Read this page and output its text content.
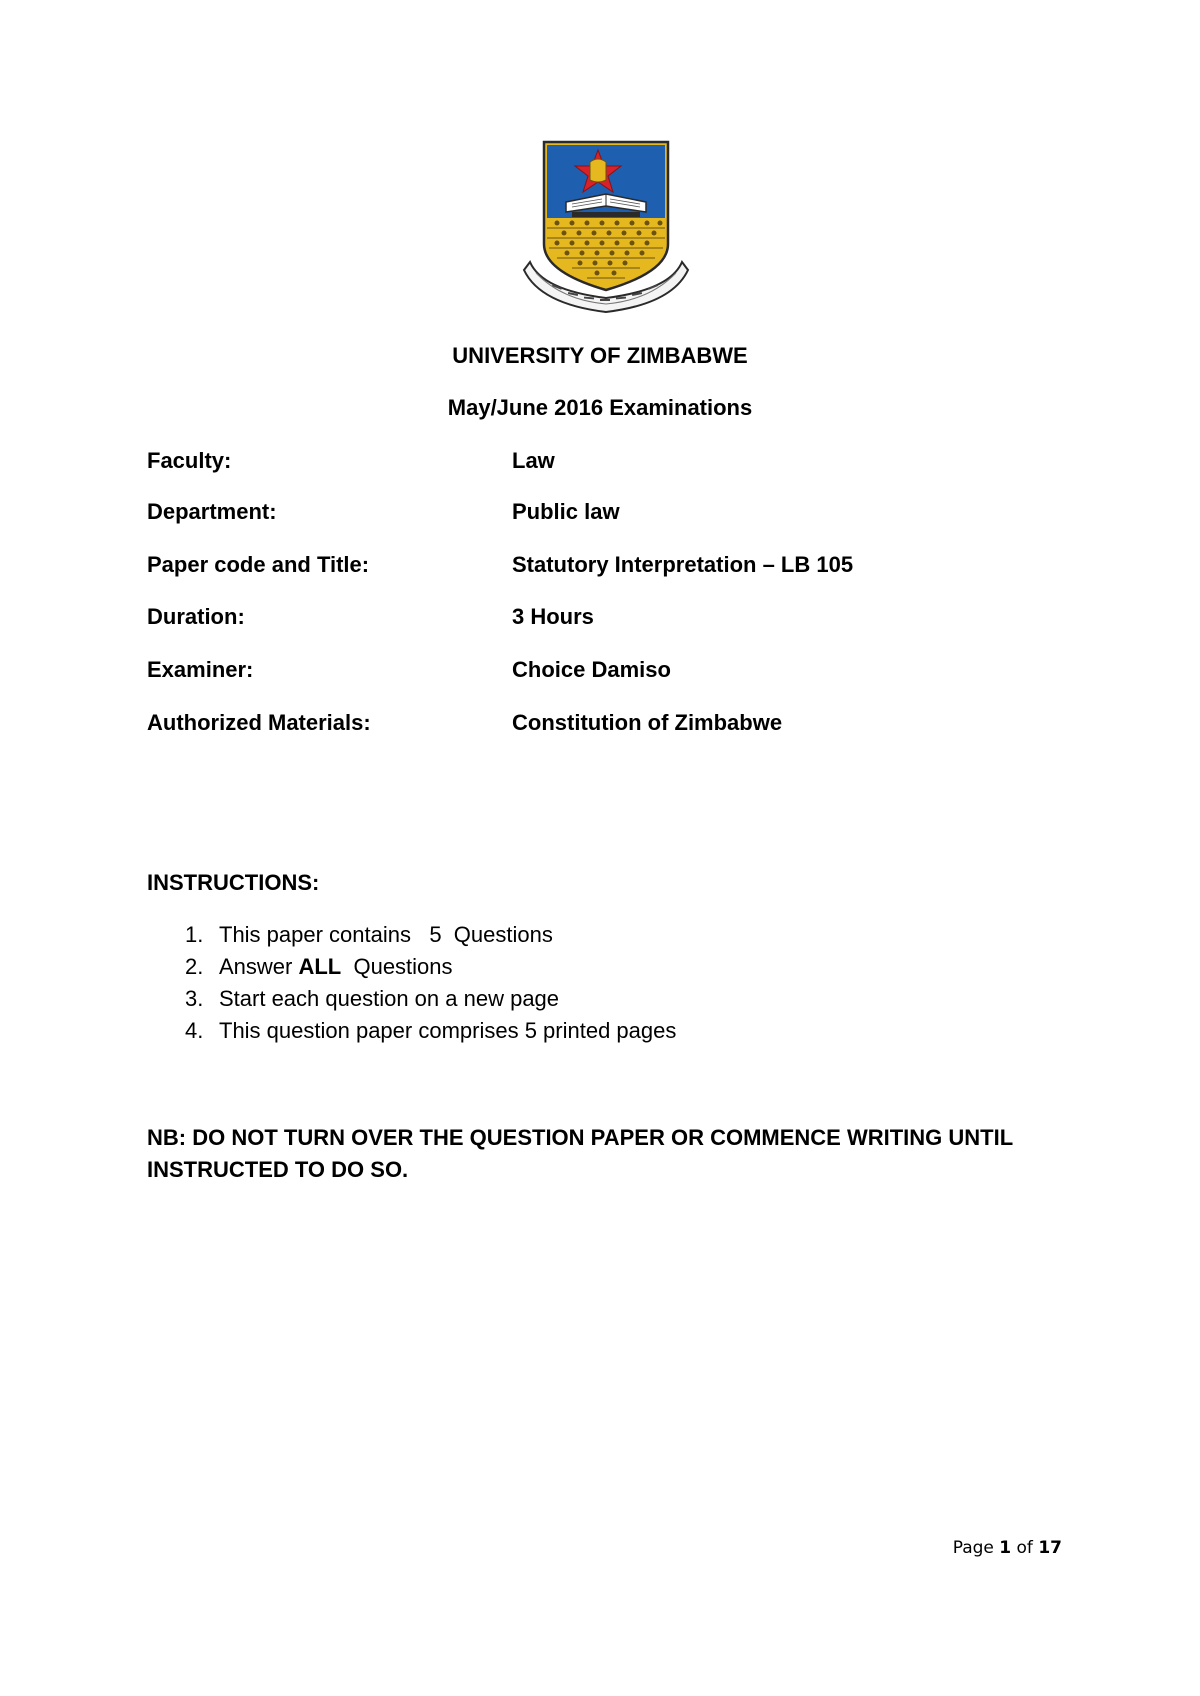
UNIVERSITY OF ZIMBABWE
May/June 2016 Examinations
Faculty:	Law
Department:	Public law
Paper code and Title:	Statutory Interpretation – LB 105
Duration:	3 Hours
Examiner:	Choice Damiso
Authorized Materials:	Constitution of Zimbabwe
INSTRUCTIONS:
1. This paper contains   5  Questions
2. Answer ALL  Questions
3. Start each question on a new page
4. This question paper comprises 5 printed pages
NB: DO NOT TURN OVER THE QUESTION PAPER OR COMMENCE WRITING UNTIL INSTRUCTED TO DO SO.
Page 1 of 17
